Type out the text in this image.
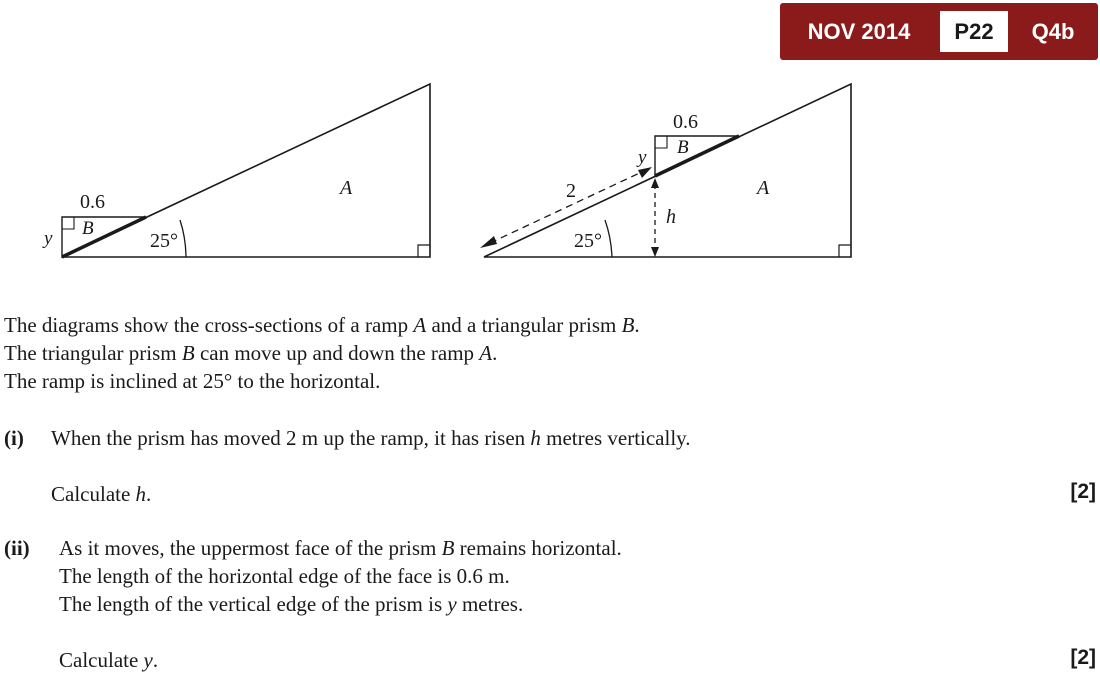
NOV 2014	P22	Q4b
A
B
0.6
y	25°
A
B
0.6
y
25°
2
h
The diagrams show the cross-sections of a ramp A and a triangular prism B.
The triangular prism B can move up and down the ramp A.
The ramp is inclined at 25° to the horizontal.
(i) When the prism has moved 2 m up the ramp, it has risen h metres vertically.
Calculate h.	[2]
(ii) As it moves, the uppermost face of the prism B remains horizontal.
The length of the horizontal edge of the face is 0.6 m.
The length of the vertical edge of the prism is y metres.
Calculate y.	[2]
